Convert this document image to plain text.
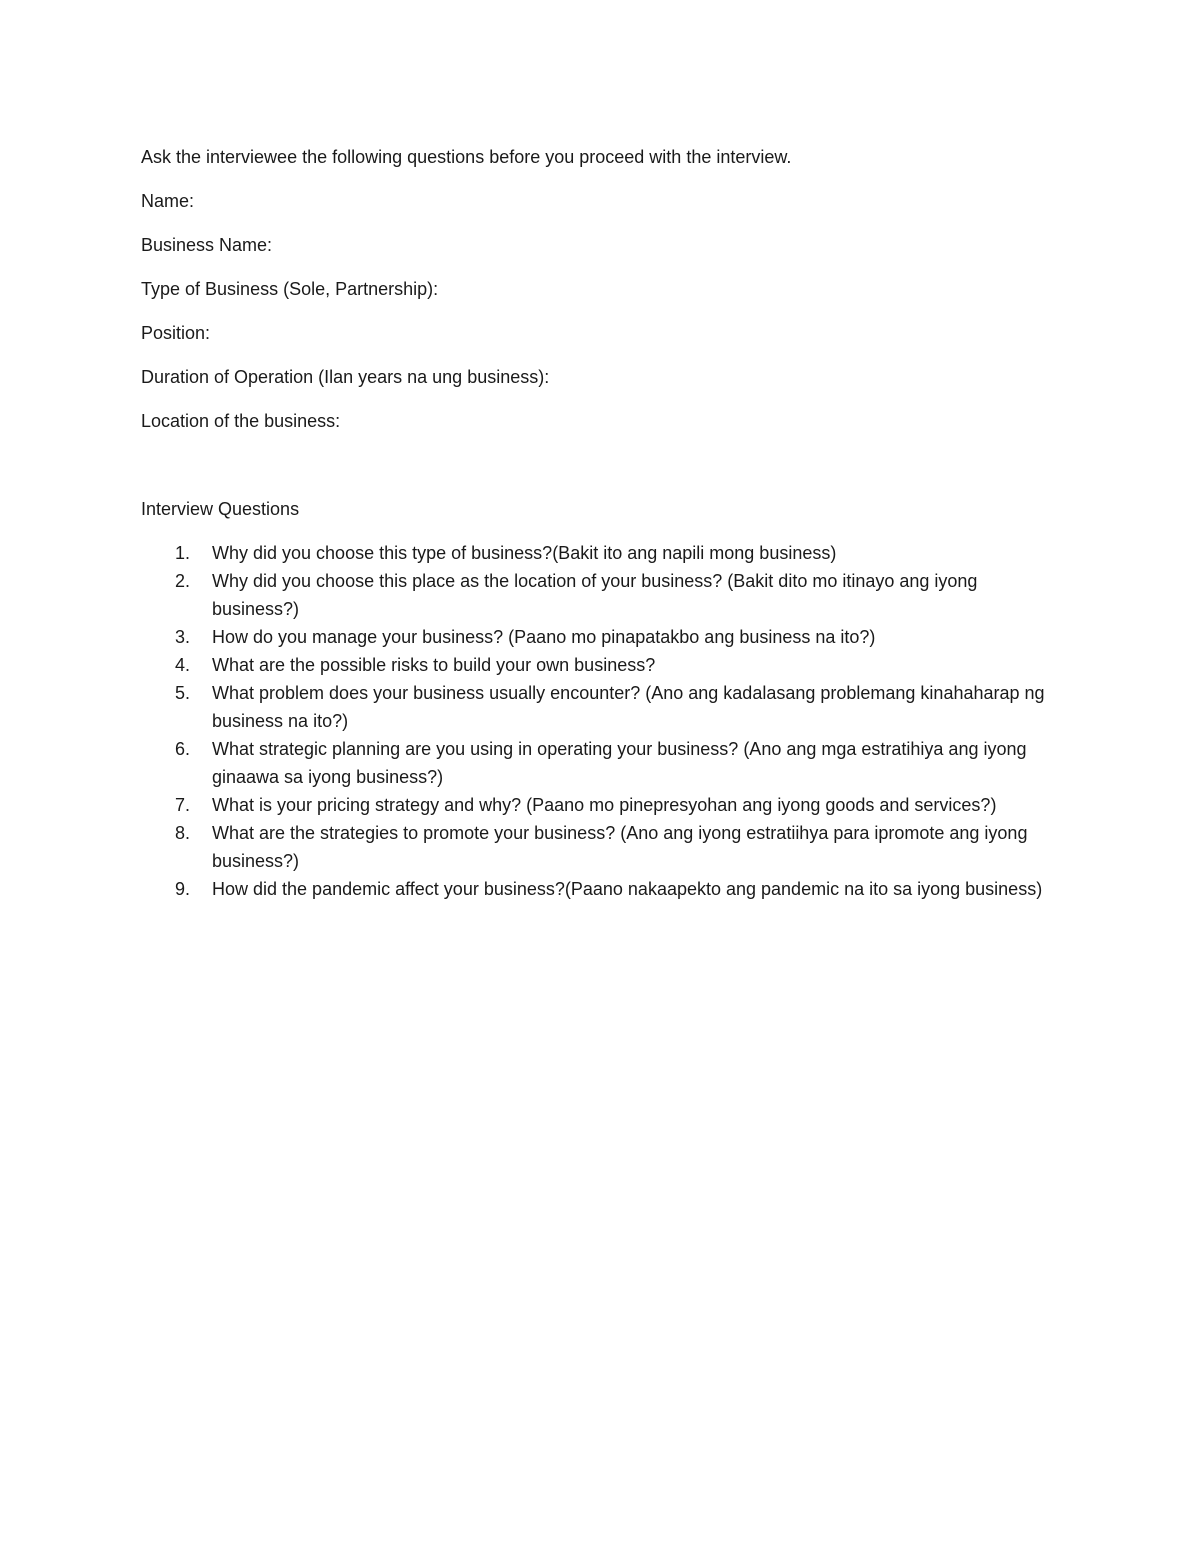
Ask the interviewee the following questions before you proceed with the interview.

Name:

Business Name:

Type of Business (Sole, Partnership):

Position:

Duration of Operation (Ilan years na ung business):

Location of the business:

Interview Questions

1. Why did you choose this type of business?(Bakit ito ang napili mong business)
2. Why did you choose this place as the location of your business? (Bakit dito mo itinayo ang iyong business?)
3. How do you manage your business? (Paano mo pinapatakbo ang business na ito?)
4. What are the possible risks to build your own business?
5. What problem does your business usually encounter? (Ano ang kadalasang problemang kinahaharap ng business na ito?)
6. What strategic planning are you using in operating your business? (Ano ang mga estratihiya ang iyong ginaawa sa iyong business?)
7. What is your pricing strategy and why? (Paano mo pinepresyohan ang iyong goods and services?)
8. What are the strategies to promote your business? (Ano ang iyong estratiihya para ipromote ang iyong business?)
9. How did the pandemic affect your business?(Paano nakaapekto ang pandemic na ito sa iyong business)
